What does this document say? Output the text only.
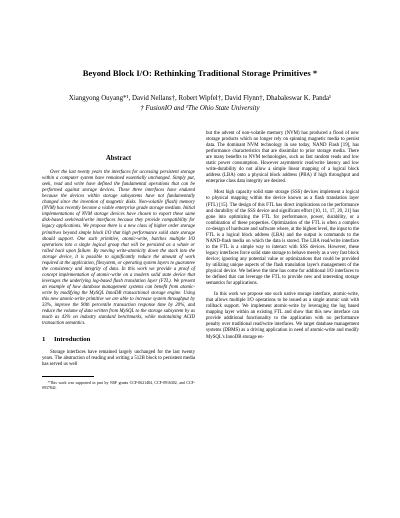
Beyond Block I/O: Rethinking Traditional Storage Primitives *
Xiangyong Ouyang*¹, David Nellans†, Robert Wipfel†, David Flynn†, Dhabaleswar K. Panda¹
† FusionIO and ¹The Ohio State University
Abstract

Over the last twenty years the interfaces for accessing persistent storage within a computer system have remained essentially unchanged. Simply put, seek, read and write have defined the fundamental operations that can be performed against storage devices. These three interfaces have endured because the devices within storage subsystems have not fundamentally changed since the invention of magnetic disks. Non-volatile (flash) memory (NVM) has recently become a viable enterprise grade storage medium. Initial implementations of NVM storage devices have chosen to export these same disk-based seek/read/write interfaces because they provide compatibility for legacy applications. We propose there is a new class of higher order storage primitives beyond simple block I/O that high performance solid state storage should support. One such primitive, atomic-write, batches multiple I/O operations into a single logical group that will be persisted as a whole or rolled back upon failure. By moving write-atomicity down the stack into the storage device, it is possible to significantly reduce the amount of work required at the application, filesystem, or operating system layers to guarantee the consistency and integrity of data. In this work we provide a proof of concept implementation of atomic-write on a modern solid state device that leverages the underlying log-based flash translation layer (FTL). We present an example of how database management systems can benefit from atomic-write by modifying the MySQL InnoDB transactional storage engine. Using this new atomic-write primitive we are able to increase system throughput by 33%, improve the 90th percentile transaction response time by 20%, and reduce the volume of data written from MySQL to the storage subsystem by as much as 43% on industry standard benchmarks, while maintaining ACID transaction semantics.

1 Introduction

Storage interfaces have remained largely unchanged for the last twenty years. The abstraction of reading and writing a 512B block to persistent media has served us well

*This work was supported in part by NSF grants CCF-0621484, CCF-0916302, and CCF-0937842.

but the advent of non-volatile memory (NVM) has produced a flood of new storage products which no longer rely on spinning magnetic media to persist data. The dominant NVM technology in use today, NAND Flash [19], has performance characteristics that are dissimilar to prior storage media. There are many benefits to NVM technologies, such as fast random reads and low static power consumption. However asymmetric read/write latency and low write-durability do not allow a simple linear mapping of a logical block address (LBA) onto a physical block address (PBA) if high throughput and enterprise class data integrity are desired.

Most high capacity solid state storage (SSS) devices implement a logical to physical mapping within the device known as a flash translation layer (FTL) [15]. The design of this FTL has direct implications on the performance and durability of the SSS device and significant effort [10, 11, 17, 20, 21] has gone into optimizing the FTL for performance, power, durability, or a combination of these properties. Optimization of the FTL is often a complex co-design of hardware and software where, at the highest level, the input to the FTL is a logical block address (LBA) and the output is commands to the NAND-flash media on which the data is stored. The LBA read/write interface to the FTL is a simple way to interact with SSS devices. However, these legacy interfaces force solid state storage to behave merely as a very fast block device; ignoring any potential value or optimizations that could be provided by utilizing unique aspects of the flash translation layer's management of the physical device. We believe the time has come for additional I/O interfaces to be defined that can leverage the FTL to provide new and interesting storage semantics for applications.

In this work we propose one such native storage interface, atomic-write, that allows multiple I/O operations to be issued as a single atomic unit with rollback support. We implement atomic-write by leveraging the log based mapping layer within an existing FTL and show that this new interface can provide additional functionality to the application with no performance penalty over traditional read/write interfaces. We target database management systems (DBMS) as a driving application in need of atomic-write and modify MySQL's InnoDB storage en-
